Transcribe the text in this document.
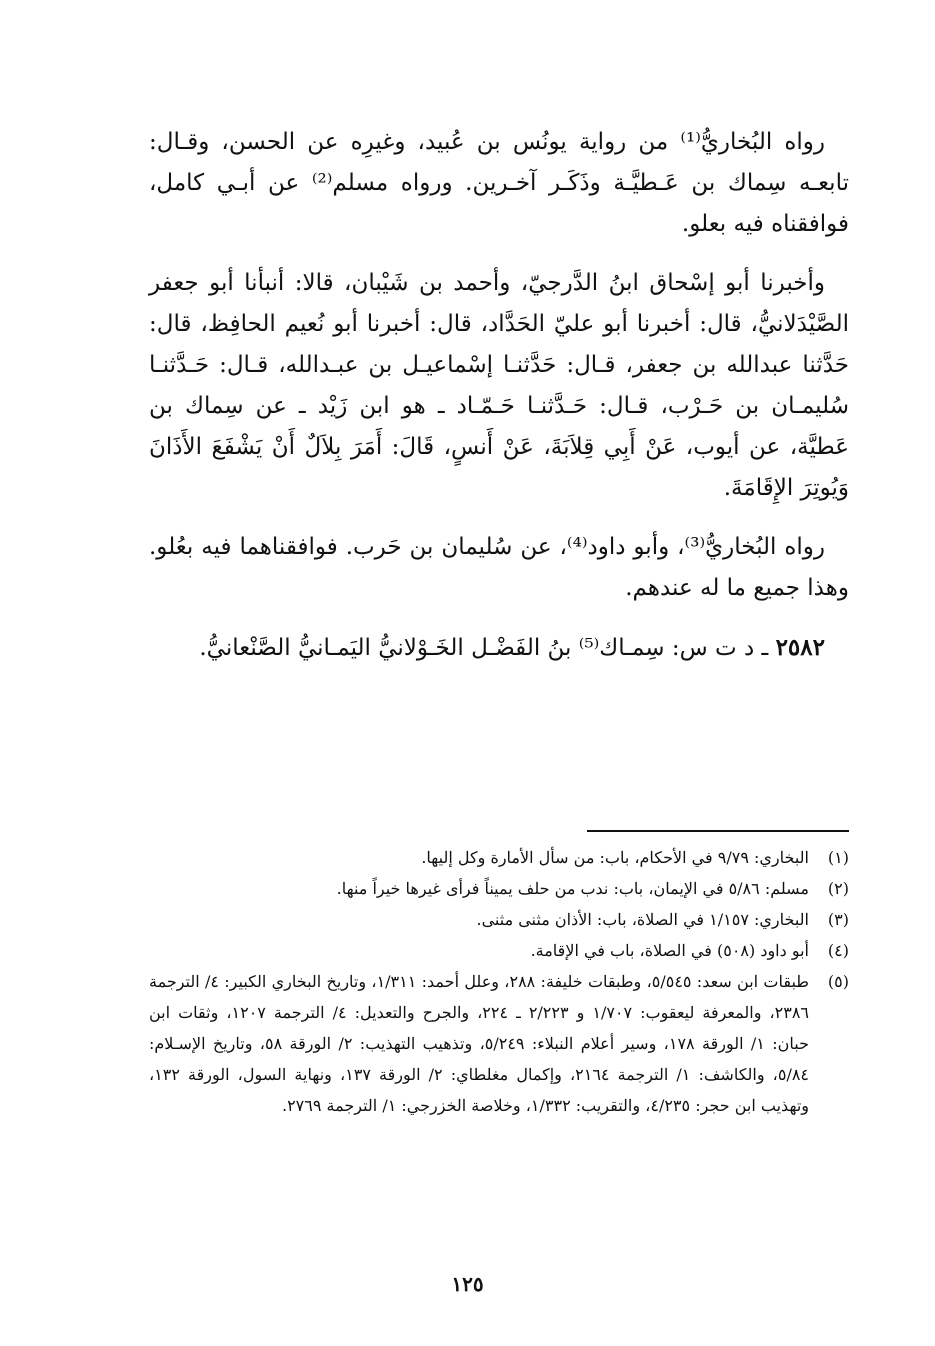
رواه البُخاريُّ⁽¹⁾ من رواية يونُس بن عُبيد، وغيرِه عن الحسن، وقـال: تابعـه سِماك بن عَـطيَّـة وذَكَـر آخـرين. ورواه مسلم⁽²⁾ عن أبـي كامل، فوافقناه فيه بعلو.

وأخبرنا أبو إسْحاق ابنُ الدَّرجيّ، وأحمد بن شَيْبان، قالا: أنبأنا أبو جعفر الصَّيْدَلانيُّ، قال: أخبرنا أبو عليّ الحَدَّاد، قال: أخبرنا أبو نُعيم الحافِظ، قال: حَدَّثنا عبدالله بن جعفر، قـال: حَدَّثنـا إسْماعيـل بن عبـدالله، قـال: حَـدَّثنـا سُليمـان بن حَـرْب، قـال: حَـدَّثنـا حَـمّـاد ـ هو ابن زَيْد ـ عن سِماك بن عَطيَّة، عن أيوب، عَنْ أَبِي قِلاَبَةَ، عَنْ أَنسٍ، قَالَ: أَمَرَ بِلاَلٌ أَنْ يَشْفَعَ الأَذَانَ وَيُوتِرَ الإِقَامَةَ.

رواه البُخاريُّ⁽³⁾، وأبو داود⁽⁴⁾، عن سُليمان بن حَرب. فوافقناهما فيه بعُلو. وهذا جميع ما له عندهم.

٢٥٨٢ ـ د ت س: سِمـاك⁽⁵⁾ بنُ الفَضْـل الخَـوْلانيُّ اليَمـانيُّ الصَّنْعانيُّ.

(١)
البخاري: ٩/٧٩ في الأحكام، باب: من سأل الأمارة وكل إليها.
(٢)
مسلم: ٥/٨٦ في الإيمان، باب: ندب من حلف يميناً فرأى غيرها خيراً منها.
(٣)
البخاري: ١/١٥٧ في الصلاة، باب: الأذان مثنى مثنى.
(٤)
أبو داود (٥٠٨) في الصلاة، باب في الإقامة.
(٥)
طبقات ابن سعد: ٥/٥٤٥، وطبقات خليفة: ٢٨٨، وعلل أحمد: ١/٣١١، وتاريخ البخاري الكبير: ٤/ الترجمة ٢٣٨٦، والمعرفة ليعقوب: ١/٧٠٧ و ٢/٢٢٣ ـ ٢٢٤، والجرح والتعديل: ٤/ الترجمة ١٢٠٧، وثقات ابن حبان: ١/ الورقة ١٧٨، وسير أعلام النبلاء: ٥/٢٤٩، وتذهيب التهذيب: ٢/ الورقة ٥٨، وتاريخ الإسـلام: ٥/٨٤، والكاشف: ١/ الترجمة ٢١٦٤، وإكمال مغلطاي: ٢/ الورقة ١٣٧، ونهاية السول، الورقة ١٣٢، وتهذيب ابن حجر: ٤/٢٣٥، والتقريب: ١/٣٣٢، وخلاصة الخزرجي: ١/ الترجمة ٢٧٦٩.
١٢٥
